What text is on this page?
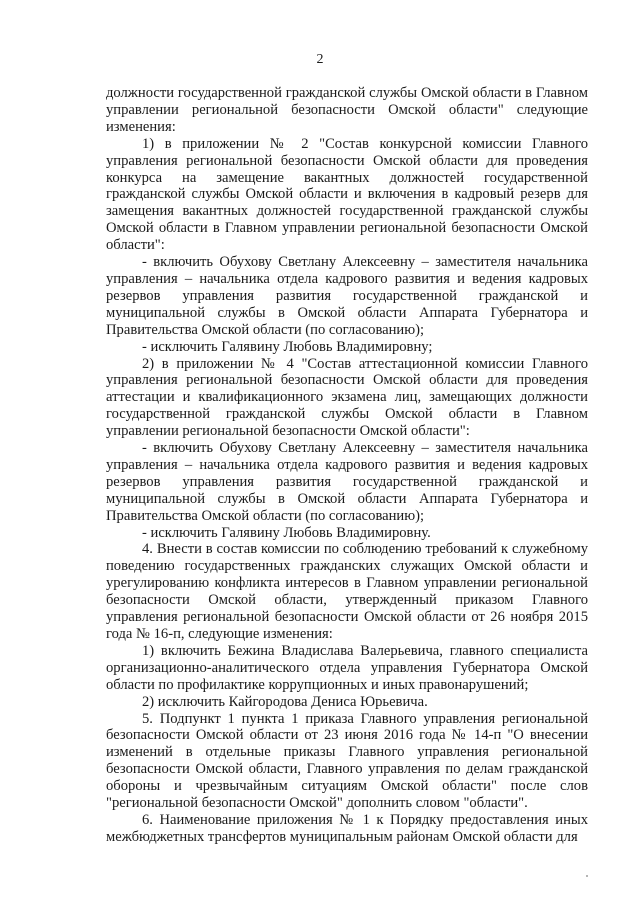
2

должности государственной гражданской службы Омской области в Главном управлении региональной безопасности Омской области" следующие изменения:

1) в приложении № 2 "Состав конкурсной комиссии Главного управления региональной безопасности Омской области для проведения конкурса на замещение вакантных должностей государственной гражданской службы Омской области и включения в кадровый резерв для замещения вакантных должностей государственной гражданской службы Омской области в Главном управлении региональной безопасности Омской области":

- включить Обухову Светлану Алексеевну – заместителя начальника управления – начальника отдела кадрового развития и ведения кадровых резервов управления развития государственной гражданской и муниципальной службы в Омской области Аппарата Губернатора и Правительства Омской области (по согласованию);

- исключить Галявину Любовь Владимировну;

2) в приложении № 4 "Состав аттестационной комиссии Главного управления региональной безопасности Омской области для проведения аттестации и квалификационного экзамена лиц, замещающих должности государственной гражданской службы Омской области в Главном управлении региональной безопасности Омской области":

- включить Обухову Светлану Алексеевну – заместителя начальника управления – начальника отдела кадрового развития и ведения кадровых резервов управления развития государственной гражданской и муниципальной службы в Омской области Аппарата Губернатора и Правительства Омской области (по согласованию);

- исключить Галявину Любовь Владимировну.

4. Внести в состав комиссии по соблюдению требований к служебному поведению государственных гражданских служащих Омской области и урегулированию конфликта интересов в Главном управлении региональной безопасности Омской области, утвержденный приказом Главного управления региональной безопасности Омской области от 26 ноября 2015 года № 16-п, следующие изменения:

1) включить Бежина Владислава Валерьевича, главного специалиста организационно-аналитического отдела управления Губернатора Омской области по профилактике коррупционных и иных правонарушений;

2) исключить Кайгородова Дениса Юрьевича.

5. Подпункт 1 пункта 1 приказа Главного управления региональной безопасности Омской области от 23 июня 2016 года № 14-п "О внесении изменений в отдельные приказы Главного управления региональной безопасности Омской области, Главного управления по делам гражданской обороны и чрезвычайным ситуациям Омской области" после слов "региональной безопасности Омской" дополнить словом "области".

6. Наименование приложения № 1 к Порядку предоставления иных межбюджетных трансфертов муниципальным районам Омской области для
